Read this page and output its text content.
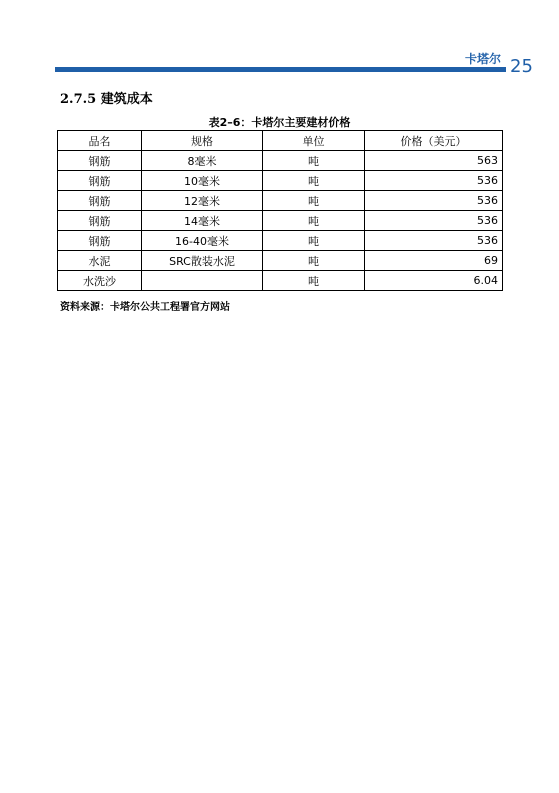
卡塔尔 25
2.7.5 建筑成本
表2–6：卡塔尔主要建材价格
品名	规格	单位	价格（美元）
钢筋	8毫米	吨	563
钢筋	10毫米	吨	536
钢筋	12毫米	吨	536
钢筋	14毫米	吨	536
钢筋	16-40毫米	吨	536
水泥	SRC散装水泥	吨	69
水洗沙		吨	6.04
资料来源：卡塔尔公共工程署官方网站
